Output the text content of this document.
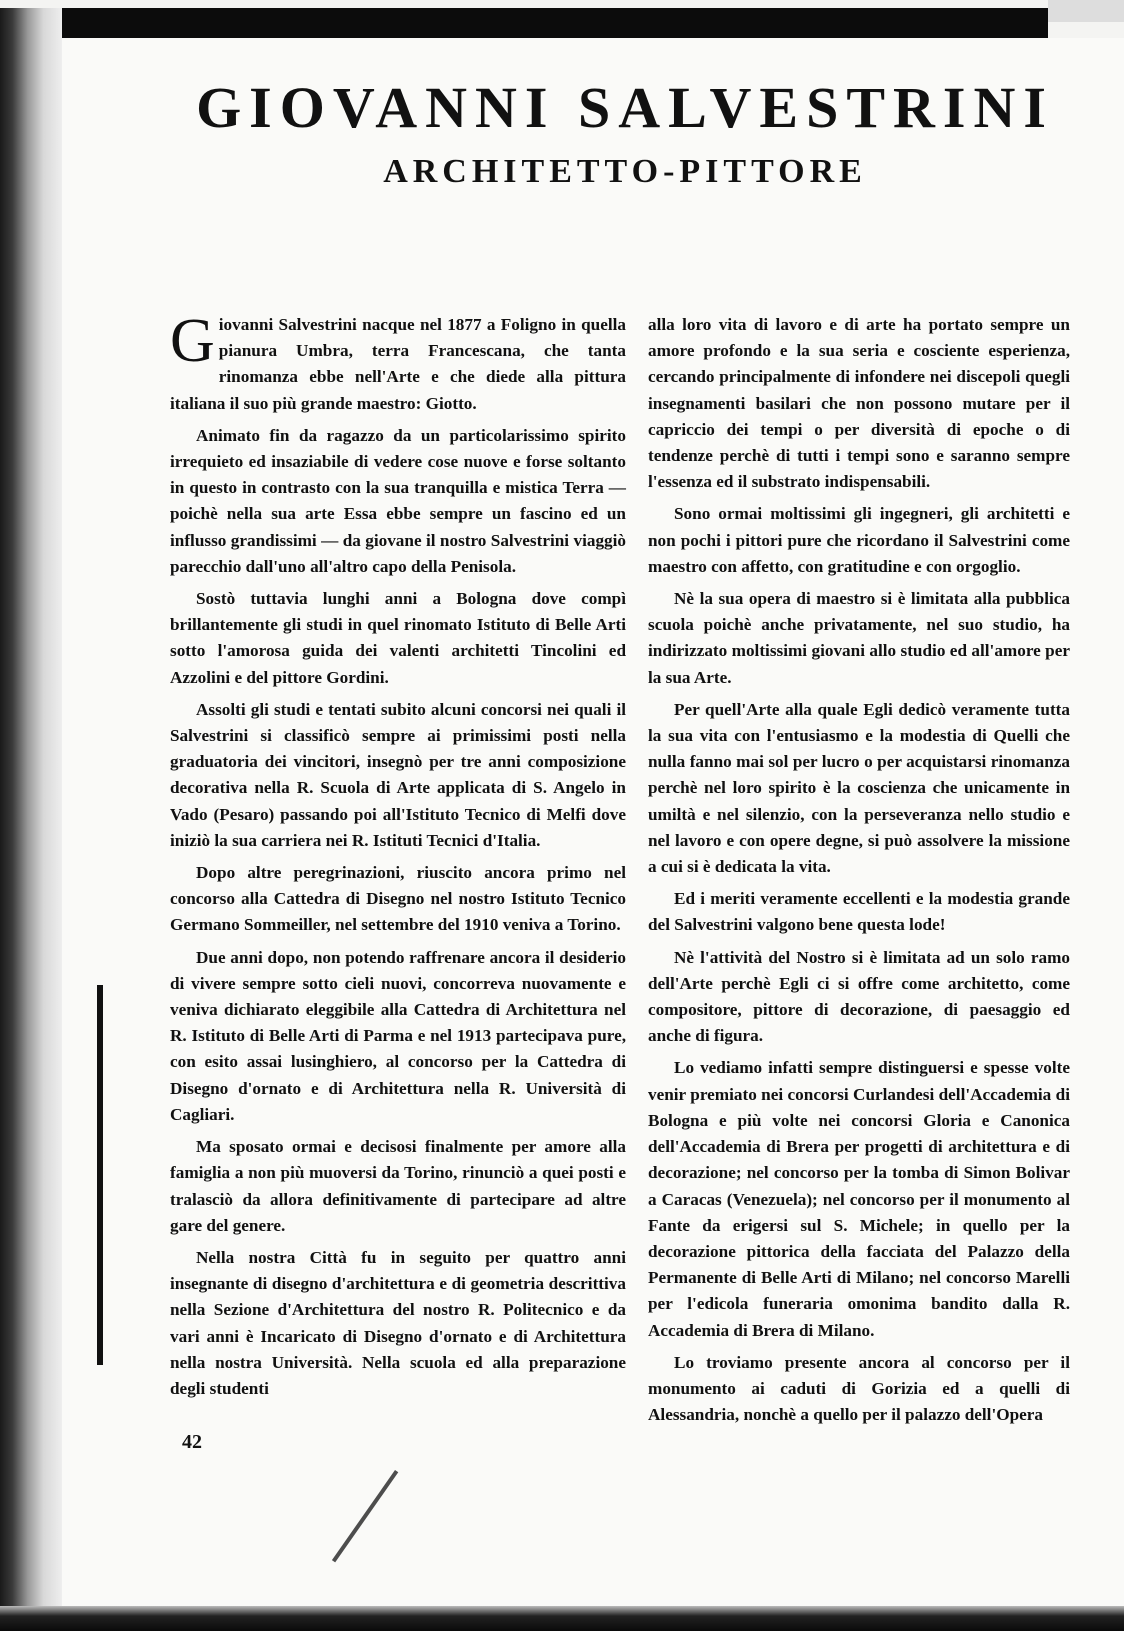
GIOVANNI SALVESTRINI
ARCHITETTO-PITTORE

Giovanni Salvestrini nacque nel 1877 a Foligno in quella pianura Umbra, terra Francescana, che tanta rinomanza ebbe nell'Arte e che diede alla pittura italiana il suo più grande maestro: Giotto.

Animato fin da ragazzo da un particolarissimo spirito irrequieto ed insaziabile di vedere cose nuove e forse soltanto in questo in contrasto con la sua tranquilla e mistica Terra — poichè nella sua arte Essa ebbe sempre un fascino ed un influsso grandissimi — da giovane il nostro Salvestrini viaggiò parecchio dall'uno all'altro capo della Penisola.

Sostò tuttavia lunghi anni a Bologna dove compì brillantemente gli studi in quel rinomato Istituto di Belle Arti sotto l'amorosa guida dei valenti architetti Tincolini ed Azzolini e del pittore Gordini.

Assolti gli studi e tentati subito alcuni concorsi nei quali il Salvestrini si classificò sempre ai primissimi posti nella graduatoria dei vincitori, insegnò per tre anni composizione decorativa nella R. Scuola di Arte applicata di S. Angelo in Vado (Pesaro) passando poi all'Istituto Tecnico di Melfi dove iniziò la sua carriera nei R. Istituti Tecnici d'Italia.

Dopo altre peregrinazioni, riuscito ancora primo nel concorso alla Cattedra di Disegno nel nostro Istituto Tecnico Germano Sommeiller, nel settembre del 1910 veniva a Torino.

Due anni dopo, non potendo raffrenare ancora il desiderio di vivere sempre sotto cieli nuovi, concorreva nuovamente e veniva dichiarato eleggibile alla Cattedra di Architettura nel R. Istituto di Belle Arti di Parma e nel 1913 partecipava pure, con esito assai lusinghiero, al concorso per la Cattedra di Disegno d'ornato e di Architettura nella R. Università di Cagliari.

Ma sposato ormai e decisosi finalmente per amore alla famiglia a non più muoversi da Torino, rinunciò a quei posti e tralasciò da allora definitivamente di partecipare ad altre gare del genere.

Nella nostra Città fu in seguito per quattro anni insegnante di disegno d'architettura e di geometria descrittiva nella Sezione d'Architettura del nostro R. Politecnico e da vari anni è Incaricato di Disegno d'ornato e di Architettura nella nostra Università. Nella scuola ed alla preparazione degli studenti

42

alla loro vita di lavoro e di arte ha portato sempre un amore profondo e la sua seria e cosciente esperienza, cercando principalmente di infondere nei discepoli quegli insegnamenti basilari che non possono mutare per il capriccio dei tempi o per diversità di epoche o di tendenze perchè di tutti i tempi sono e saranno sempre l'essenza ed il substrato indispensabili.

Sono ormai moltissimi gli ingegneri, gli architetti e non pochi i pittori pure che ricordano il Salvestrini come maestro con affetto, con gratitudine e con orgoglio.

Nè la sua opera di maestro si è limitata alla pubblica scuola poichè anche privatamente, nel suo studio, ha indirizzato moltissimi giovani allo studio ed all'amore per la sua Arte.

Per quell'Arte alla quale Egli dedicò veramente tutta la sua vita con l'entusiasmo e la modestia di Quelli che nulla fanno mai sol per lucro o per acquistarsi rinomanza perchè nel loro spirito è la coscienza che unicamente in umiltà e nel silenzio, con la perseveranza nello studio e nel lavoro e con opere degne, si può assolvere la missione a cui si è dedicata la vita.

Ed i meriti veramente eccellenti e la modestia grande del Salvestrini valgono bene questa lode!

Nè l'attività del Nostro si è limitata ad un solo ramo dell'Arte perchè Egli ci si offre come architetto, come compositore, pittore di decorazione, di paesaggio ed anche di figura.

Lo vediamo infatti sempre distinguersi e spesse volte venir premiato nei concorsi Curlandesi dell'Accademia di Bologna e più volte nei concorsi Gloria e Canonica dell'Accademia di Brera per progetti di architettura e di decorazione; nel concorso per la tomba di Simon Bolivar a Caracas (Venezuela); nel concorso per il monumento al Fante da erigersi sul S. Michele; in quello per la decorazione pittorica della facciata del Palazzo della Permanente di Belle Arti di Milano; nel concorso Marelli per l'edicola funeraria omonima bandito dalla R. Accademia di Brera di Milano.

Lo troviamo presente ancora al concorso per il monumento ai caduti di Gorizia ed a quelli di Alessandria, nonchè a quello per il palazzo dell'Opera
